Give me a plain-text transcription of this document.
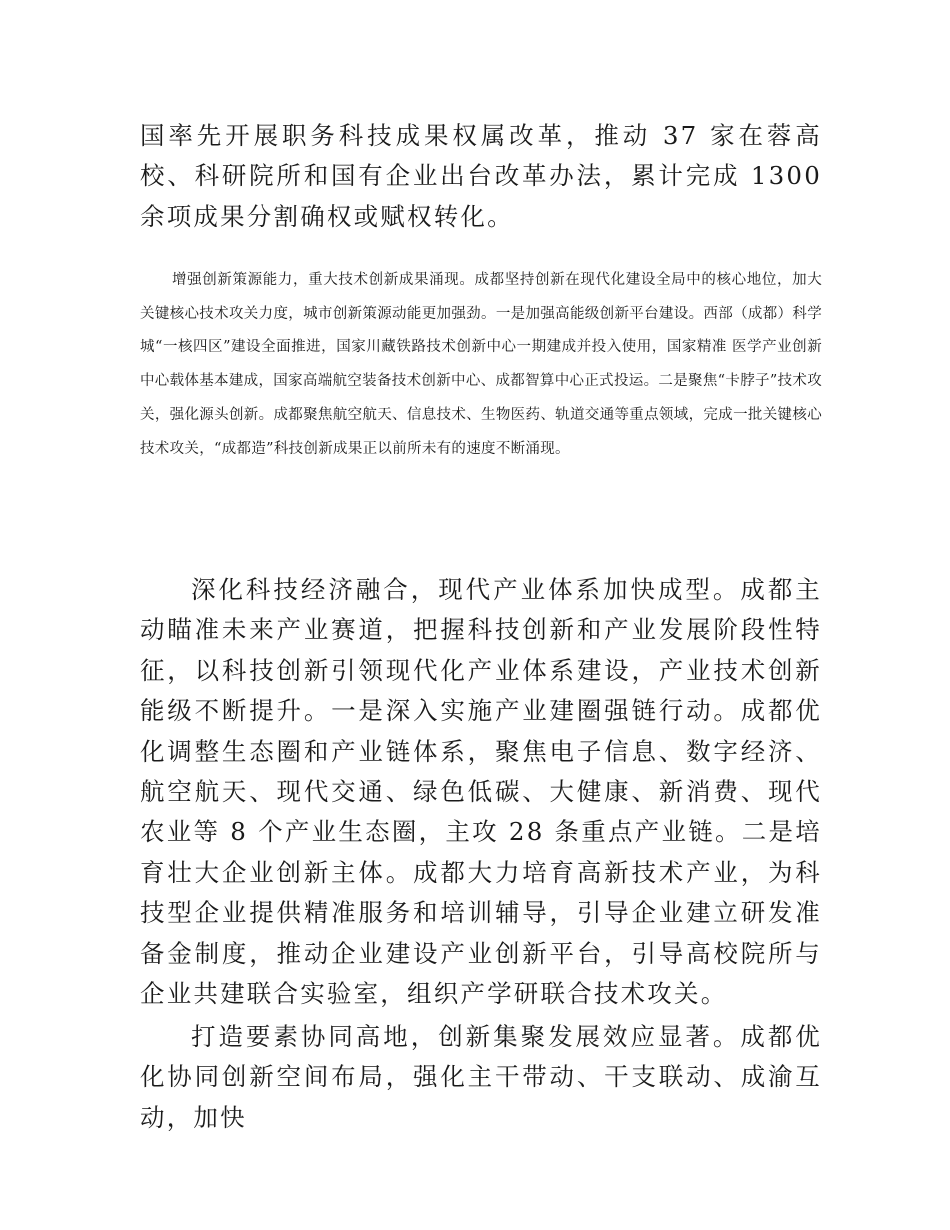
国率先开展职务科技成果权属改革，推动 37 家在蓉高校、科研院所和国有企业出台改革办法，累计完成 1300 余项成果分割确权或赋权转化。

增强创新策源能力，重大技术创新成果涌现。成都坚持创新在现代化建设全局中的核心地位，加大关键核心技术攻关力度，城市创新策源动能更加强劲。一是加强高能级创新平台建设。西部（成都）科学城“一核四区”建设全面推进，国家川藏铁路技术创新中心一期建成并投入使用，国家精准 医学产业创新中心载体基本建成，国家高端航空装备技术创新中心、成都智算中心正式投运。二是聚焦“卡脖子”技术攻关，强化源头创新。成都聚焦航空航天、信息技术、生物医药、轨道交通等重点领域，完成一批关键核心技术攻关，“成都造”科技创新成果正以前所未有的速度不断涌现。

深化科技经济融合，现代产业体系加快成型。成都主动瞄准未来产业赛道，把握科技创新和产业发展阶段性特征，以科技创新引领现代化产业体系建设，产业技术创新能级不断提升。一是深入实施产业建圈强链行动。成都优化调整生态圈和产业链体系，聚焦电子信息、数字经济、航空航天、现代交通、绿色低碳、大健康、新消费、现代农业等 8 个产业生态圈，主攻 28 条重点产业链。二是培育壮大企业创新主体。成都大力培育高新技术产业，为科技型企业提供精准服务和培训辅导，引导企业建立研发准备金制度，推动企业建设产业创新平台，引导高校院所与企业共建联合实验室，组织产学研联合技术攻关。

打造要素协同高地，创新集聚发展效应显著。成都优化协同创新空间布局，强化主干带动、干支联动、成渝互动，加快
